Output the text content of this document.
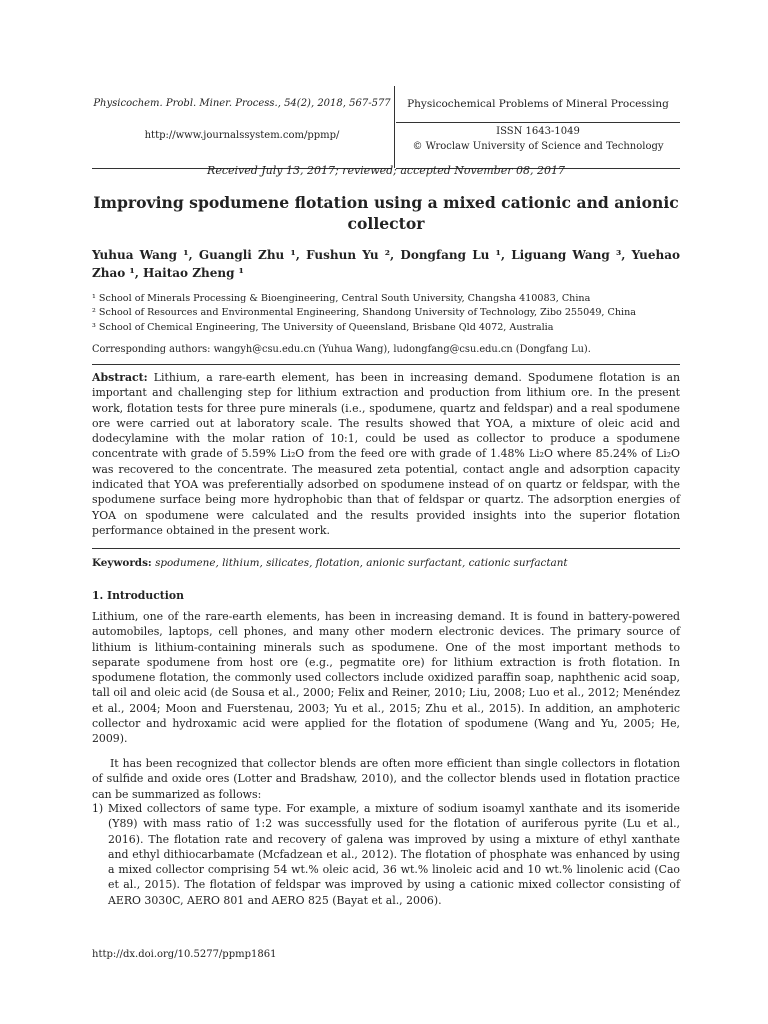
Physicochem. Probl. Miner. Process., 54(2), 2018, 567-577
http://www.journalssystem.com/ppmp/
Physicochemical Problems of Mineral Processing
ISSN 1643-1049
© Wroclaw University of Science and Technology
Received July 13, 2017; reviewed; accepted November 08, 2017
Improving spodumene flotation using a mixed cationic and anionic collector
Yuhua Wang ¹, Guangli Zhu ¹, Fushun Yu ², Dongfang Lu ¹, Liguang Wang ³, Yuehao Zhao ¹, Haitao Zheng ¹
¹ School of Minerals Processing & Bioengineering, Central South University, Changsha 410083, China
² School of Resources and Environmental Engineering, Shandong University of Technology, Zibo 255049, China
³ School of Chemical Engineering, The University of Queensland, Brisbane Qld 4072, Australia
Corresponding authors: wangyh@csu.edu.cn (Yuhua Wang), ludongfang@csu.edu.cn (Dongfang Lu).
Abstract: Lithium, a rare-earth element, has been in increasing demand. Spodumene flotation is an important and challenging step for lithium extraction and production from lithium ore. In the present work, flotation tests for three pure minerals (i.e., spodumene, quartz and feldspar) and a real spodumene ore were carried out at laboratory scale. The results showed that YOA, a mixture of oleic acid and dodecylamine with the molar ration of 10:1, could be used as collector to produce a spodumene concentrate with grade of 5.59% Li₂O from the feed ore with grade of 1.48% Li₂O where 85.24% of Li₂O was recovered to the concentrate. The measured zeta potential, contact angle and adsorption capacity indicated that YOA was preferentially adsorbed on spodumene instead of on quartz or feldspar, with the spodumene surface being more hydrophobic than that of feldspar or quartz. The adsorption energies of YOA on spodumene were calculated and the results provided insights into the superior flotation performance obtained in the present work.
Keywords: spodumene, lithium, silicates, flotation, anionic surfactant, cationic surfactant
1. Introduction
Lithium, one of the rare-earth elements, has been in increasing demand. It is found in battery-powered automobiles, laptops, cell phones, and many other modern electronic devices. The primary source of lithium is lithium-containing minerals such as spodumene. One of the most important methods to separate spodumene from host ore (e.g., pegmatite ore) for lithium extraction is froth flotation. In spodumene flotation, the commonly used collectors include oxidized paraffin soap, naphthenic acid soap, tall oil and oleic acid (de Sousa et al., 2000; Felix and Reiner, 2010; Liu, 2008; Luo et al., 2012; Menéndez et al., 2004; Moon and Fuerstenau, 2003; Yu et al., 2015; Zhu et al., 2015). In addition, an amphoteric collector and hydroxamic acid were applied for the flotation of spodumene (Wang and Yu, 2005; He, 2009).
It has been recognized that collector blends are often more efficient than single collectors in flotation of sulfide and oxide ores (Lotter and Bradshaw, 2010), and the collector blends used in flotation practice can be summarized as follows:
1) Mixed collectors of same type. For example, a mixture of sodium isoamyl xanthate and its isomeride (Y89) with mass ratio of 1:2 was successfully used for the flotation of auriferous pyrite (Lu et al., 2016). The flotation rate and recovery of galena was improved by using a mixture of ethyl xanthate and ethyl dithiocarbamate (Mcfadzean et al., 2012). The flotation of phosphate was enhanced by using a mixed collector comprising 54 wt.% oleic acid, 36 wt.% linoleic acid and 10 wt.% linolenic acid (Cao et al., 2015). The flotation of feldspar was improved by using a cationic mixed collector consisting of AERO 3030C, AERO 801 and AERO 825 (Bayat et al., 2006).
http://dx.doi.org/10.5277/ppmp1861
